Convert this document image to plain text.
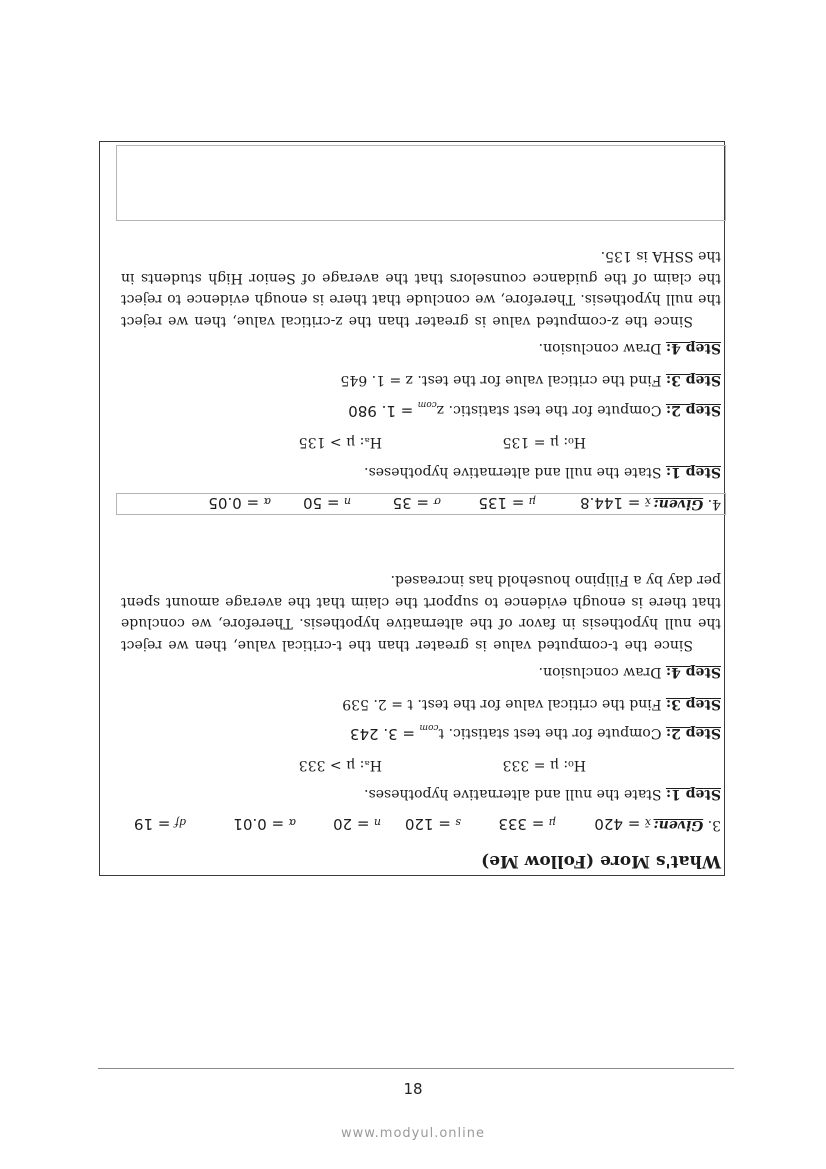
What's More (Follow Me)
3. Given:
x̄ = 420
μ = 333
s = 120
n = 20
α = 0.01
df = 19
Step 1: State the null and alternative hypotheses.
H₀: μ = 333
Hₐ: μ > 333
Step 2: Compute for the test statistic. $t_{com} = 3$. 243
Step 3: Find the critical value for the test. t = 2. 539
Step 4: Draw conclusion.
Since the t-computed value is greater than the t-critical value, then we reject the null hypothesis in favor of the alternative hypothesis. Therefore, we conclude that there is enough evidence to support the claim that the average amount spent per day by a Filipino household has increased.
4. Given:
x̄ = 144.8
μ = 135
σ = 35
n = 50
α = 0.05
Step 1: State the null and alternative hypotheses.
H₀: μ = 135
Hₐ: μ > 135
Step 2: Compute for the test statistic. $z_{com} = 1$. 980
Step 3: Find the critical value for the test. z = 1. 645
Step 4: Draw conclusion.
Since the z-computed value is greater than the z-critical value, then we reject the null hypothesis. Therefore, we conclude that there is enough evidence to reject the claim of the guidance counselors that the average of Senior High students in the SSHA is 135.
18
www.modyul.online
